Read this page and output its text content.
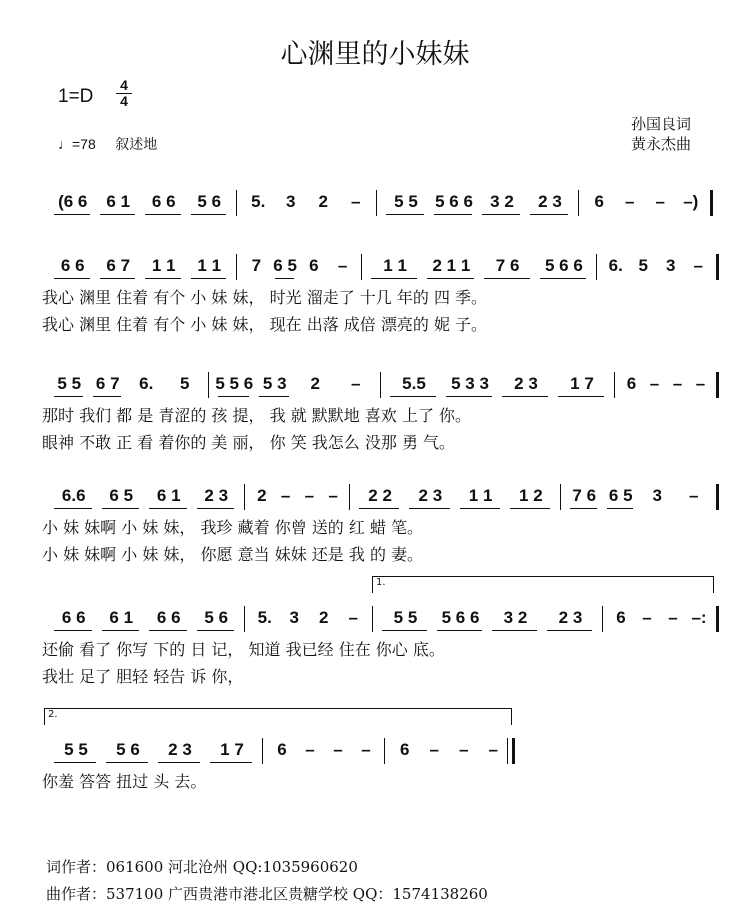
心渊里的小妹妹
1=D
4
4
♩=78 叙述地
孙国良词
黄永杰曲
(6 6	6 1	6 6	5 6	5.	3	2	–	5 5	5 6 6	3 2	2 3	6	–	–	–)
6 6	6 7	1 1	1 1	7 6 5 6	–	1 1	2 1 1	7 6	5 6 6	6. 5	3	–
我心 渊里 住着 有个 小 妹 妹， 时光 溜走了 十几 年的 四 季。
我心 渊里 住着 有个 小 妹 妹， 现在 出落 成倍 漂亮的 妮 子。
5 5 6 7	6.	5	5 5 6 5 3	2	–	5.5	5 3 3	2 3	1 7	6 – – –
那时 我们 都 是 青涩的 孩 提， 我 就 默默地 喜欢 上了 你。
眼神 不敢 正 看 着你的 美 丽， 你 笑 我怎么 没那 勇 气。
6.6	6 5	6 1	2 3	2 – – –	2 2	2 3	1 1	1 2	7 6 6 5	3	–
小 妹 妹啊 小 妹 妹， 我珍 藏着 你曾 送的 红 蜡 笔。
小 妹 妹啊 小 妹 妹， 你愿 意当 妹妹 还是 我 的 妻。
1.
6 6	6 1	6 6	5 6	5.	3	2	–	5 5	5 6 6	3 2	2 3	6 – – –:
还偷 看了 你写 下的 日 记， 知道 我已经 住在 你心 底。
我壮 足了 胆轻 轻告 诉 你，
2.
5 5	5 6	2 3	1 7	6	–	–	–	6	–	–	–
你羞 答答 扭过 头 去。
词作者：061600 河北沧州 QQ:1035960620
曲作者：537100 广西贵港市港北区贵糖学校 QQ：1574138260
